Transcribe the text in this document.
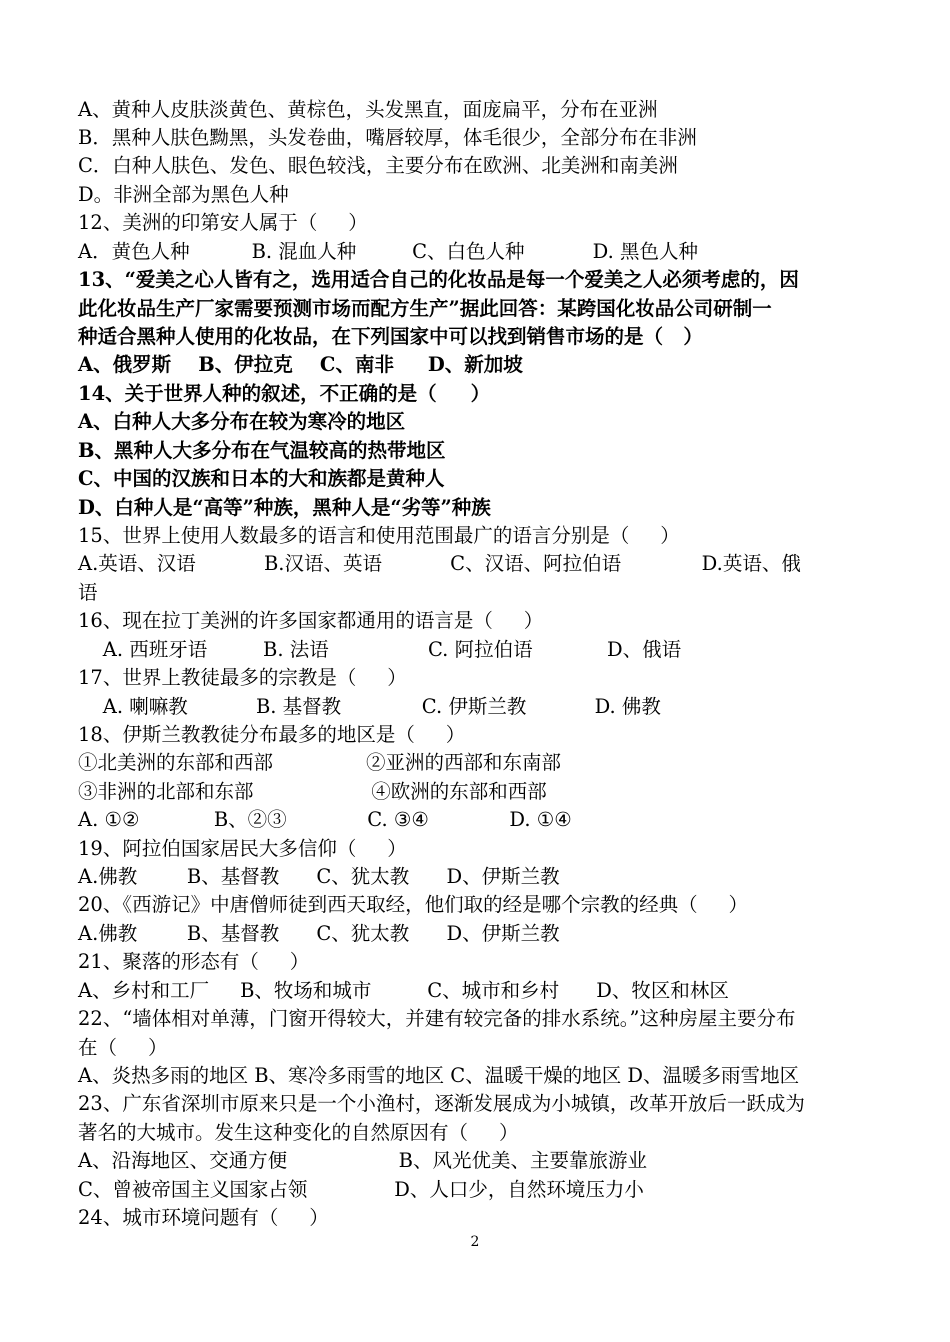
A、黄种人皮肤淡黄色、黄棕色，头发黑直，面庞扁平，分布在亚洲
B．黑种人肤色黝黑，头发卷曲，嘴唇较厚，体毛很少，全部分布在非洲
C．白种人肤色、发色、眼色较浅，主要分布在欧洲、北美洲和南美洲
D。非洲全部为黑色人种
12、美洲的印第安人属于（     ）
A．黄色人种          B. 混血人种         C、白色人种           D. 黑色人种
13、“爱美之心人皆有之，选用适合自己的化妆品是每一个爱美之人必须考虑的，因
此化妆品生产厂家需要预测市场而配方生产”据此回答：某跨国化妆品公司研制一
种适合黑种人使用的化妆品，在下列国家中可以找到销售市场的是（   ）
A、俄罗斯    B、伊拉克    C、南非     D、新加坡
14、关于世界人种的叙述，不正确的是（     ）
A、白种人大多分布在较为寒冷的地区
B、黑种人大多分布在气温较高的热带地区
C、中国的汉族和日本的大和族都是黄种人
D、白种人是“高等”种族，黑种人是“劣等”种族
15、世界上使用人数最多的语言和使用范围最广的语言分别是（     ）
A.英语、汉语           B.汉语、英语           C、汉语、阿拉伯语             D.英语、俄
语
16、现在拉丁美洲的许多国家都通用的语言是（     ）
A. 西班牙语         B. 法语                C. 阿拉伯语            D、俄语
17、世界上教徒最多的宗教是（     ）
A. 喇嘛教           B. 基督教             C. 伊斯兰教           D. 佛教
18、伊斯兰教教徒分布最多的地区是（     ）
①北美洲的东部和西部               ②亚洲的西部和东南部
③非洲的北部和东部                   ④欧洲的东部和西部
A. ①②            B、②③             C. ③④             D. ①④
19、阿拉伯国家居民大多信仰（     ）
A.佛教        B、基督教      C、犹太教      D、伊斯兰教
20、《西游记》中唐僧师徒到西天取经，他们取的经是哪个宗教的经典（     ）
A.佛教        B、基督教      C、犹太教      D、伊斯兰教
21、聚落的形态有（     ）
A、乡村和工厂     B、牧场和城市         C、城市和乡村      D、牧区和林区
22、“墙体相对单薄，门窗开得较大，并建有较完备的排水系统。”这种房屋主要分布
在（     ）
A、炎热多雨的地区 B、寒冷多雨雪的地区 C、温暖干燥的地区 D、温暖多雨雪地区
23、广东省深圳市原来只是一个小渔村，逐渐发展成为小城镇，改革开放后一跃成为
著名的大城市。发生这种变化的自然原因有（     ）
A、沿海地区、交通方便                  B、风光优美、主要靠旅游业
C、曾被帝国主义国家占领              D、人口少，自然环境压力小
24、城市环境问题有（     ）
2
